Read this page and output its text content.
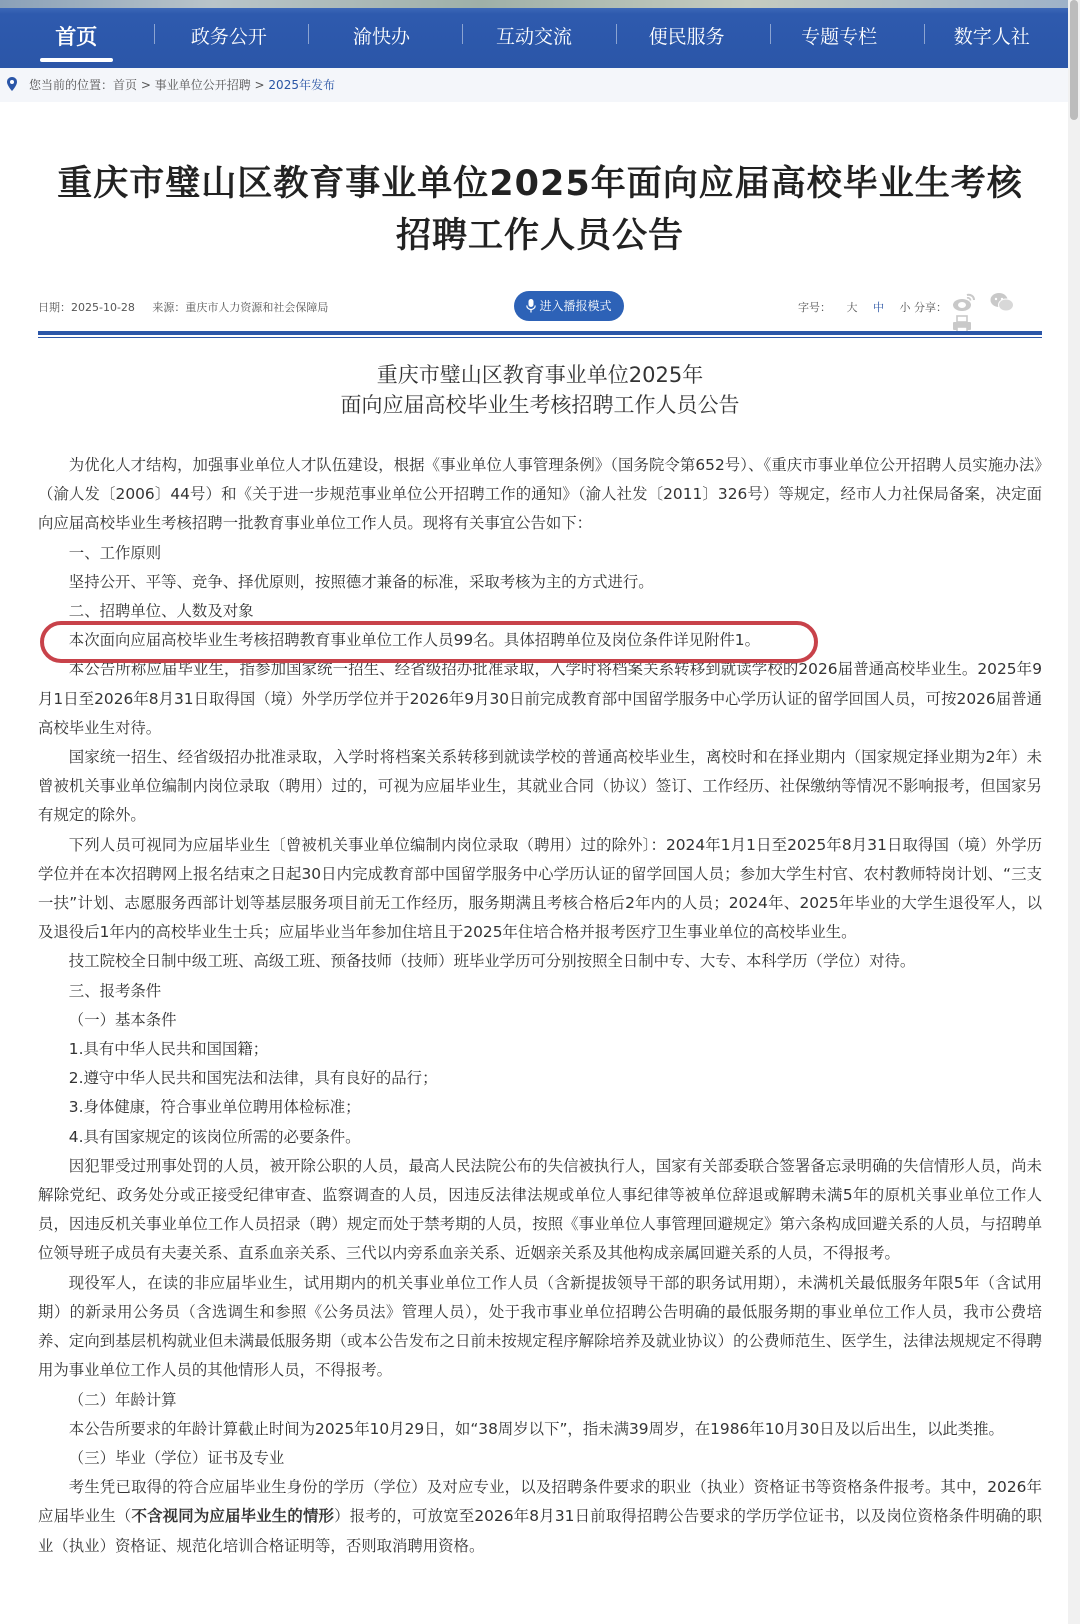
首页	政务公开	渝快办	互动交流	便民服务	专题专栏	数字人社
您当前的位置：首页 > 事业单位公开招聘 > 2025年发布
重庆市璧山区教育事业单位2025年面向应届高校毕业生考核
招聘工作人员公告
日期：2025-10-28 来源：重庆市人力资源和社会保障局	进入播报模式	字号： 大 中 小 分享：

重庆市璧山区教育事业单位2025年
面向应届高校毕业生考核招聘工作人员公告

为优化人才结构，加强事业单位人才队伍建设，根据《事业单位人事管理条例》（国务院令第652号）、《重庆市事业单位公开招聘人员实施办法》（渝人发〔2006〕44号）和《关于进一步规范事业单位公开招聘工作的通知》（渝人社发〔2011〕326号）等规定，经市人力社保局备案，决定面向应届高校毕业生考核招聘一批教育事业单位工作人员。现将有关事宜公告如下：

一、工作原则

坚持公开、平等、竞争、择优原则，按照德才兼备的标准，采取考核为主的方式进行。

二、招聘单位、人数及对象

本次面向应届高校毕业生考核招聘教育事业单位工作人员99名。具体招聘单位及岗位条件详见附件1。

本公告所称应届毕业生，指参加国家统一招生、经省级招办批准录取，入学时将档案关系转移到就读学校的2026届普通高校毕业生。2025年9月1日至2026年8月31日取得国（境）外学历学位并于2026年9月30日前完成教育部中国留学服务中心学历认证的留学回国人员，可按2026届普通高校毕业生对待。

国家统一招生、经省级招办批准录取，入学时将档案关系转移到就读学校的普通高校毕业生，离校时和在择业期内（国家规定择业期为2年）未曾被机关事业单位编制内岗位录取（聘用）过的，可视为应届毕业生，其就业合同（协议）签订、工作经历、社保缴纳等情况不影响报考，但国家另有规定的除外。

下列人员可视同为应届毕业生〔曾被机关事业单位编制内岗位录取（聘用）过的除外〕：2024年1月1日至2025年8月31日取得国（境）外学历学位并在本次招聘网上报名结束之日起30日内完成教育部中国留学服务中心学历认证的留学回国人员；参加大学生村官、农村教师特岗计划、“三支一扶”计划、志愿服务西部计划等基层服务项目前无工作经历，服务期满且考核合格后2年内的人员；2024年、2025年毕业的大学生退役军人，以及退役后1年内的高校毕业生士兵；应届毕业当年参加住培且于2025年住培合格并报考医疗卫生事业单位的高校毕业生。

技工院校全日制中级工班、高级工班、预备技师（技师）班毕业学历可分别按照全日制中专、大专、本科学历（学位）对待。

三、报考条件

（一）基本条件

1.具有中华人民共和国国籍；

2.遵守中华人民共和国宪法和法律，具有良好的品行；

3.身体健康，符合事业单位聘用体检标准；

4.具有国家规定的该岗位所需的必要条件。

因犯罪受过刑事处罚的人员，被开除公职的人员，最高人民法院公布的失信被执行人，国家有关部委联合签署备忘录明确的失信情形人员，尚未解除党纪、政务处分或正接受纪律审查、监察调查的人员，因违反法律法规或单位人事纪律等被单位辞退或解聘未满5年的原机关事业单位工作人员，因违反机关事业单位工作人员招录（聘）规定而处于禁考期的人员，按照《事业单位人事管理回避规定》第六条构成回避关系的人员，与招聘单位领导班子成员有夫妻关系、直系血亲关系、三代以内旁系血亲关系、近姻亲关系及其他构成亲属回避关系的人员，不得报考。

现役军人，在读的非应届毕业生，试用期内的机关事业单位工作人员（含新提拔领导干部的职务试用期），未满机关最低服务年限5年（含试用期）的新录用公务员（含选调生和参照《公务员法》管理人员），处于我市事业单位招聘公告明确的最低服务期的事业单位工作人员，我市公费培养、定向到基层机构就业但未满最低服务期（或本公告发布之日前未按规定程序解除培养及就业协议）的公费师范生、医学生，法律法规规定不得聘用为事业单位工作人员的其他情形人员，不得报考。

（二）年龄计算

本公告所要求的年龄计算截止时间为2025年10月29日，如“38周岁以下”，指未满39周岁，在1986年10月30日及以后出生，以此类推。

（三）毕业（学位）证书及专业

考生凭已取得的符合应届毕业生身份的学历（学位）及对应专业，以及招聘条件要求的职业（执业）资格证书等资格条件报考。其中，2026年应届毕业生（不含视同为应届毕业生的情形）报考的，可放宽至2026年8月31日前取得招聘公告要求的学历学位证书，以及岗位资格条件明确的职业（执业）资格证、规范化培训合格证明等，否则取消聘用资格。
